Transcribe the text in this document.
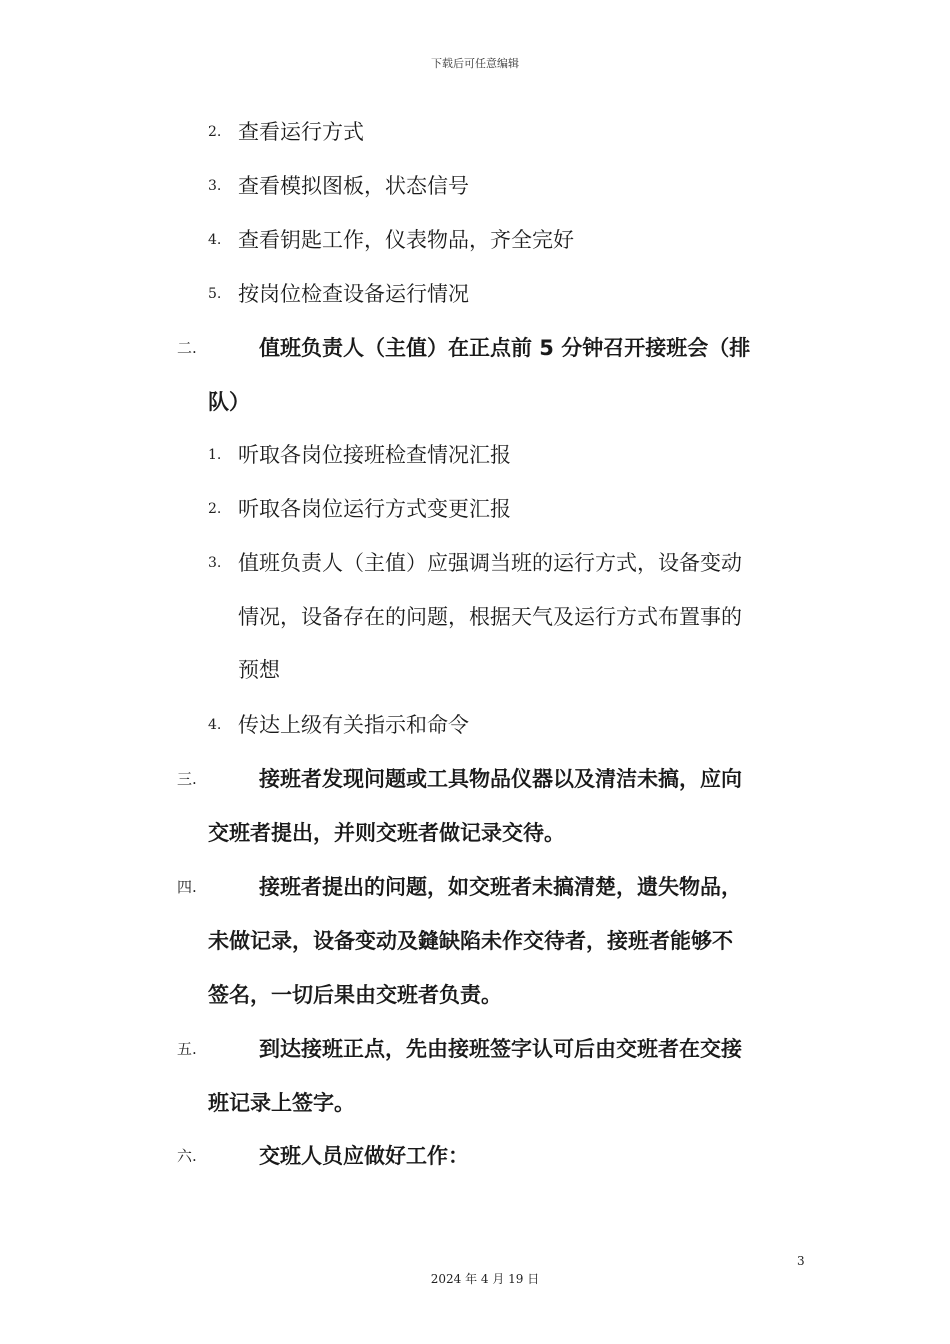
下载后可任意编辑
2. 查看运行方式
3. 查看模拟图板，状态信号
4. 查看钥匙工作，仪表物品，齐全完好
5. 按岗位检查设备运行情况
二.	值班负责人（主值）在正点前 5 分钟召开接班会（排
队）
1. 听取各岗位接班检查情况汇报
2. 听取各岗位运行方式变更汇报
3. 值班负责人（主值）应强调当班的运行方式，设备变动
情况，设备存在的问题，根据天气及运行方式布置事的
预想
4. 传达上级有关指示和命令
三.	接班者发现问题或工具物品仪器以及清洁未搞，应向
交班者提出，并则交班者做记录交待。
四.	接班者提出的问题，如交班者未搞清楚，遗失物品，
未做记录，设备变动及鏠缺陷未作交待者，接班者能够不
签名，一切后果由交班者负责。
五.	到达接班正点，先由接班签字认可后由交班者在交接
班记录上签字。
六.	交班人员应做好工作：
3
2024 年 4 月 19 日
